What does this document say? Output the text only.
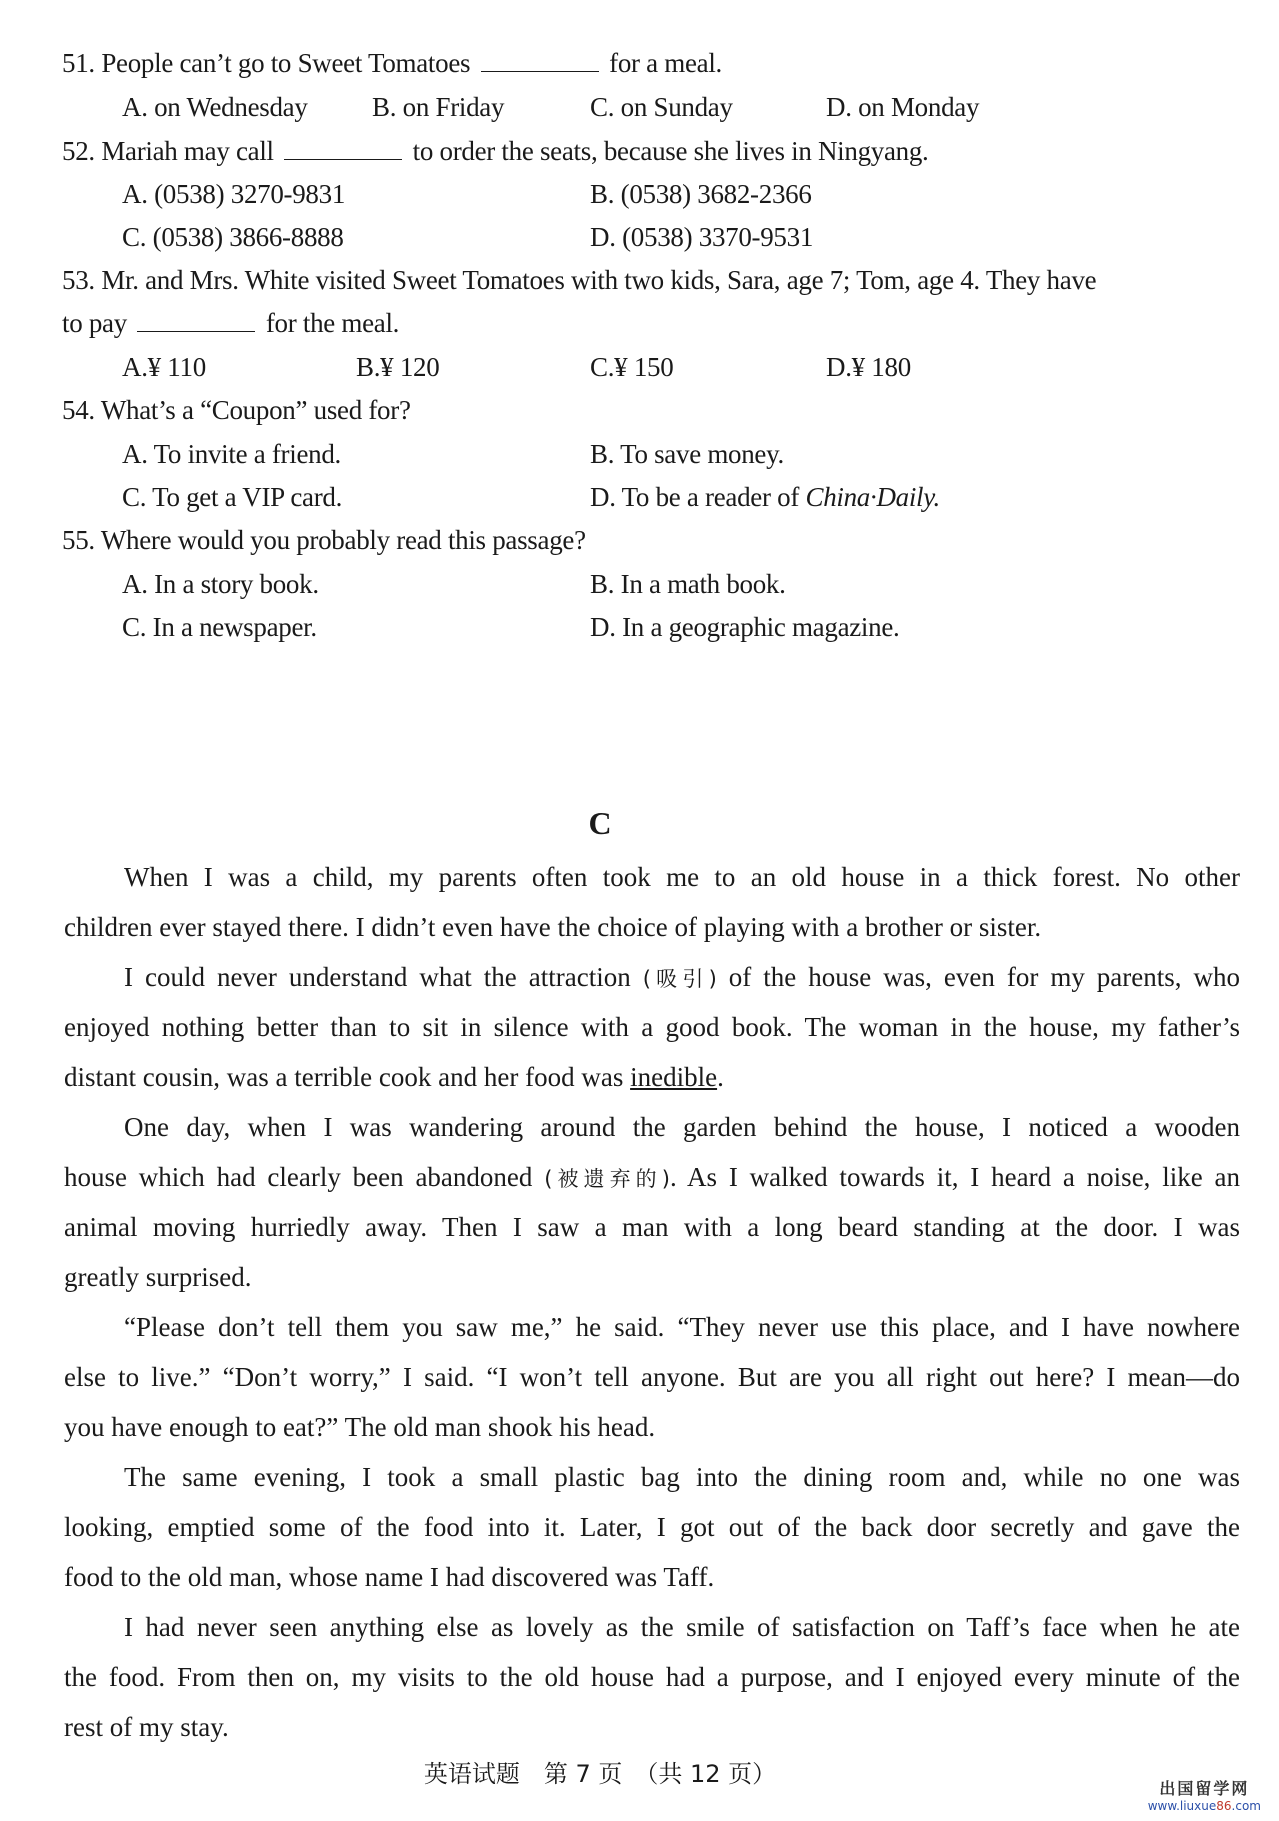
51. People can’t go to Sweet Tomatoes	for a meal.
A. on Wednesday B. on Friday	C. on Sunday	D. on Monday
52. Mariah may call	to order the seats, because she lives in Ningyang.
A. (0538) 3270-9831	B. (0538) 3682-2366
C. (0538) 3866-8888	D. (0538) 3370-9531
53. Mr. and Mrs. White visited Sweet Tomatoes with two kids, Sara, age 7; Tom, age 4. They have
to pay	for the meal.
A.¥ 110	B.¥ 120	C.¥ 150	D.¥ 180
54. What’s a “Coupon” used for?
A. To invite a friend.	B. To save money.
C. To get a VIP card.	D. To be a reader of China·Daily.
55. Where would you probably read this passage?
A. In a story book.	B. In a math book.
C. In a newspaper.	D. In a geographic magazine.
C
When I was a child, my parents often took me to an old house in a thick forest. No other
children ever stayed there. I didn’t even have the choice of playing with a brother or sister.
I could never understand what the attraction (吸引) of the house was, even for my parents, who
enjoyed nothing better than to sit in silence with a good book. The woman in the house, my father’s
distant cousin, was a terrible cook and her food was inedible.
One day, when I was wandering around the garden behind the house, I noticed a wooden
house which had clearly been abandoned (被遗弃的). As I walked towards it, I heard a noise, like an
animal moving hurriedly away. Then I saw a man with a long beard standing at the door. I was
greatly surprised.
“Please don’t tell them you saw me,” he said. “They never use this place, and I have nowhere
else to live.” “Don’t worry,” I said. “I won’t tell anyone. But are you all right out here? I mean—do
you have enough to eat?” The old man shook his head.
The same evening, I took a small plastic bag into the dining room and, while no one was
looking, emptied some of the food into it. Later, I got out of the back door secretly and gave the
food to the old man, whose name I had discovered was Taff.
I had never seen anything else as lovely as the smile of satisfaction on Taff’s face when he ate
the food. From then on, my visits to the old house had a purpose, and I enjoyed every minute of the
rest of my stay.
英语试题　第 7 页　（共 12 页）
出国留学网
www.liuxue86.com
